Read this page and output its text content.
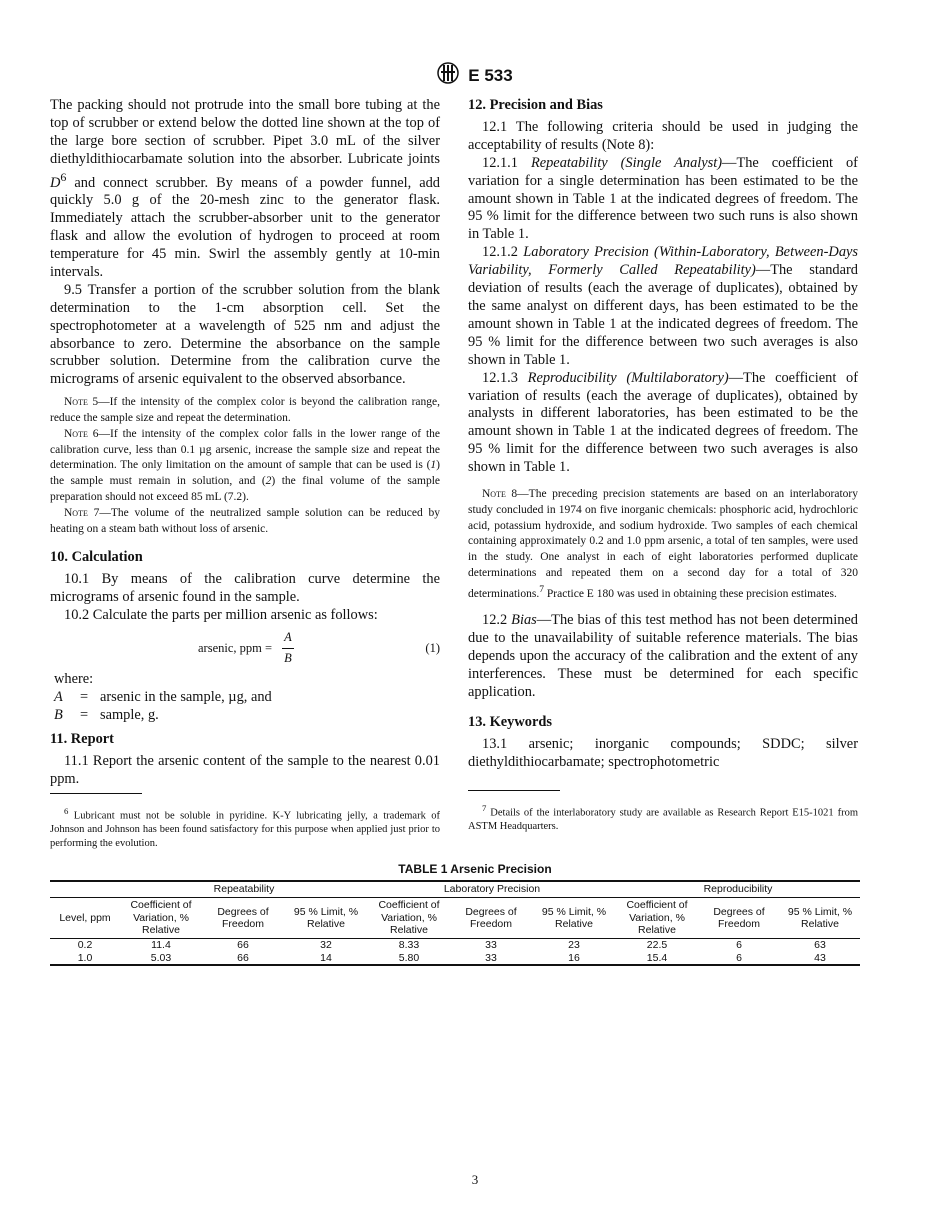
E 533

The packing should not protrude into the small bore tubing at the top of scrubber or extend below the dotted line shown at the top of the large bore section of scrubber. Pipet 3.0 mL of the silver diethyldithiocarbamate solution into the absorber. Lubricate joints $D^6$ and connect scrubber. By means of a powder funnel, add quickly 5.0 g of the 20-mesh zinc to the generator flask. Immediately attach the scrubber-absorber unit to the generator flask and allow the evolution of hydrogen to proceed at room temperature for 45 min. Swirl the assembly gently at 10-min intervals.

9.5 Transfer a portion of the scrubber solution from the blank determination to the 1-cm absorption cell. Set the spectrophotometer at a wavelength of 525 nm and adjust the absorbance to zero. Determine the absorbance on the sample scrubber solution. Determine from the calibration curve the micrograms of arsenic equivalent to the observed absorbance.

Note 5—If the intensity of the complex color is beyond the calibration range, reduce the sample size and repeat the determination.

Note 6—If the intensity of the complex color falls in the lower range of the calibration curve, less than 0.1 µg arsenic, increase the sample size and repeat the determination. The only limitation on the amount of sample that can be used is (1) the sample must remain in solution, and (2) the final volume of the sample preparation should not exceed 85 mL (7.2).

Note 7—The volume of the neutralized sample solution can be reduced by heating on a steam bath without loss of arsenic.

10. Calculation

10.1 By means of the calibration curve determine the micrograms of arsenic found in the sample.

10.2 Calculate the parts per million arsenic as follows:

arsenic, ppm =
A
B
(1)
where:
A	= arsenic in the sample, µg, and
B	= sample, g.
11. Report

11.1 Report the arsenic content of the sample to the nearest 0.01 ppm.

$^6$ Lubricant must not be soluble in pyridine. K-Y lubricating jelly, a trademark of Johnson and Johnson has been found satisfactory for this purpose when applied just prior to performing the evolution.

12. Precision and Bias

12.1 The following criteria should be used in judging the acceptability of results (Note 8):

12.1.1 Repeatability (Single Analyst)—The coefficient of variation for a single determination has been estimated to be the amount shown in Table 1 at the indicated degrees of freedom. The 95 % limit for the difference between two such runs is also shown in Table 1.

12.1.2 Laboratory Precision (Within-Laboratory, Between-Days Variability, Formerly Called Repeatability)—The standard deviation of results (each the average of duplicates), obtained by the same analyst on different days, has been estimated to be the amount shown in Table 1 at the indicated degrees of freedom. The 95 % limit for the difference between two such averages is also shown in Table 1.

12.1.3 Reproducibility (Multilaboratory)—The coefficient of variation of results (each the average of duplicates), obtained by analysts in different laboratories, has been estimated to be the amount shown in Table 1 at the indicated degrees of freedom. The 95 % limit for the difference between two such averages is also shown in Table 1.

Note 8—The preceding precision statements are based on an interlaboratory study concluded in 1974 on five inorganic chemicals: phosphoric acid, hydrochloric acid, potassium hydroxide, and sodium hydroxide. Two samples of each chemical containing approximately 0.2 and 1.0 ppm arsenic, a total of ten samples, were used in the study. One analyst in each of eight laboratories performed duplicate determinations and repeated them on a second day for a total of 320 determinations.$^7$ Practice E 180 was used in obtaining these precision estimates.

12.2 Bias—The bias of this test method has not been determined due to the unavailability of suitable reference materials. The bias depends upon the accuracy of the calibration and the extent of any interferences. These must be determined for each specific application.

13. Keywords

13.1 arsenic; inorganic compounds; SDDC; silver diethyldithiocarbamate; spectrophotometric

$^7$ Details of the interlaboratory study are available as Research Report E15-1021 from ASTM Headquarters.

TABLE 1 Arsenic Precision
	Repeatability			Laboratory Precision			Reproducibility		
Level, ppm	Coefficient of Variation, % Relative	Degrees of Freedom	95 % Limit, % Relative	Coefficient of Variation, % Relative	Degrees of Freedom	95 % Limit, % Relative	Coefficient of Variation, % Relative	Degrees of Freedom	95 % Limit, % Relative
0.2	11.4	66	32	8.33	33	23	22.5	6	63
1.0	5.03	66	14	5.80	33	16	15.4	6	43
3
